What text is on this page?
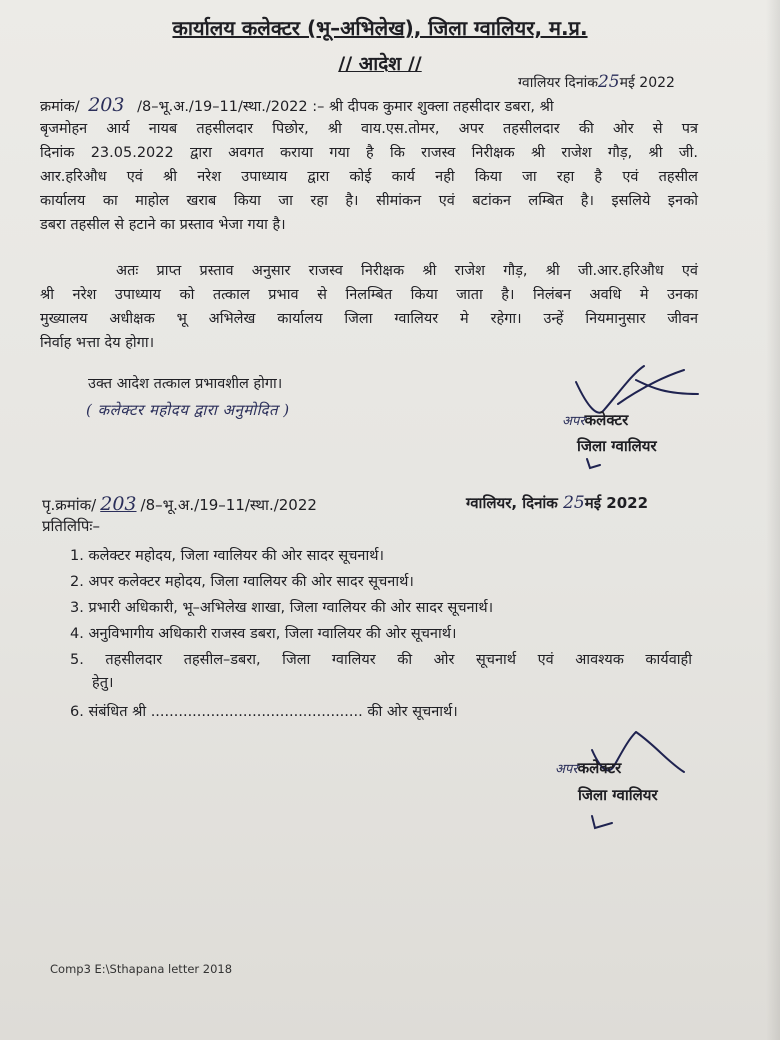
कार्यालय कलेक्टर (भू–अभिलेख), जिला ग्वालियर, म.प्र.
// आदेश //
ग्वालियर दिनांक25मई 2022
क्रमांक/ 203 /8–भू.अ./19–11/स्था./2022 :– श्री दीपक कुमार शुक्ला तहसीदार डबरा, श्री
बृजमोहन आर्य नायब तहसीलदार पिछोर, श्री वाय.एस.तोमर, अपर तहसीलदार की ओर से पत्र
दिनांक 23.05.2022 द्वारा अवगत कराया गया है कि राजस्व निरीक्षक श्री राजेश गौड़, श्री जी.
आर.हरिऔध एवं श्री नरेश उपाध्याय द्वारा कोई कार्य नही किया जा रहा है एवं तहसील
कार्यालय का माहोल खराब किया जा रहा है। सीमांकन एवं बटांकन लम्बित है। इसलिये इनको
डबरा तहसील से हटाने का प्रस्ताव भेजा गया है।
अतः प्राप्त प्रस्ताव अनुसार राजस्व निरीक्षक श्री राजेश गौड़, श्री जी.आर.हरिऔध एवं
श्री नरेश उपाध्याय को तत्काल प्रभाव से निलम्बित किया जाता है। निलंबन अवधि मे उनका
मुख्यालय अधीक्षक भू अभिलेख कार्यालय जिला ग्वालियर मे रहेगा। उन्हें नियमानुसार जीवन
निर्वाह भत्ता देय होगा।
उक्त आदेश तत्काल प्रभावशील होगा।
( कलेक्टर महोदय द्वारा अनुमोदित )
अपरकलेक्टर
जिला ग्वालियर
पृ.क्रमांक/ 203 /8–भू.अ./19–11/स्था./2022	ग्वालियर, दिनांक 25मई 2022
प्रतिलिपिः–
1. कलेक्टर महोदय, जिला ग्वालियर की ओर सादर सूचनार्थ।
2. अपर कलेक्टर महोदय, जिला ग्वालियर की ओर सादर सूचनार्थ।
3. प्रभारी अधिकारी, भू–अभिलेख शाखा, जिला ग्वालियर की ओर सादर सूचनार्थ।
4. अनुविभागीय अधिकारी राजस्व डबरा, जिला ग्वालियर की ओर सूचनार्थ।
5. तहसीलदार तहसील–डबरा, जिला ग्वालियर की ओर सूचनार्थ एवं आवश्यक कार्यवाही
हेतु।
6. संबंधित श्री .............................................. की ओर सूचनार्थ।
अपरकलेक्टर
जिला ग्वालियर
Comp3 E:\Sthapana letter 2018
